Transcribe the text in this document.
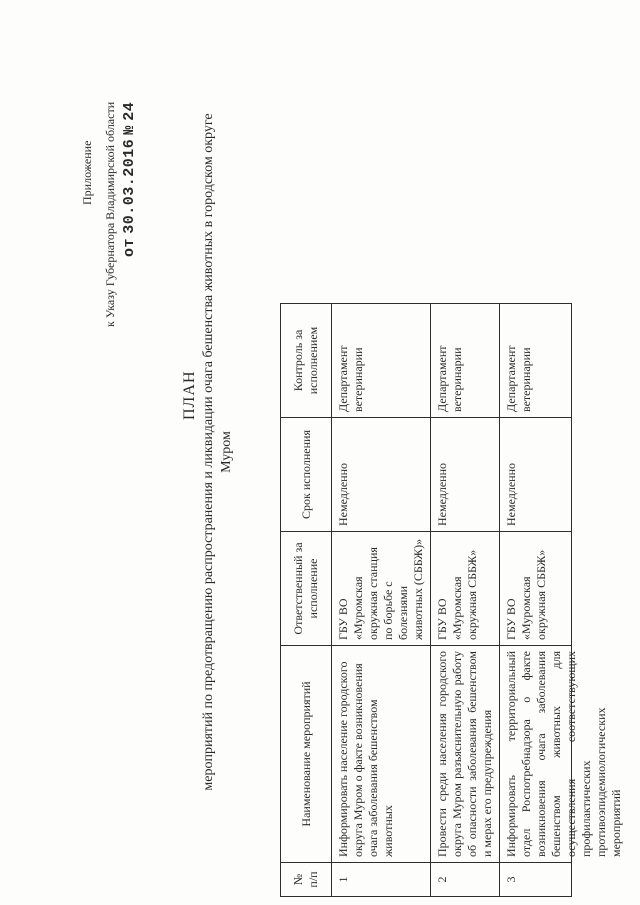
Приложение к Указу Губернатора Владимирской области от 30.03.2016 № 24
ПЛАН мероприятий по предотвращению распространения и ликвидации очага бешенства животных в городском округе Муром
№ п/п	Наименование мероприятий	Ответственный за исполнение	Срок исполнения	Контроль за исполнением
1	Информировать население городского округа Муром о факте возникновения очага заболевания бешенством животных	ГБУ ВО «Муромская окружная станция по борьбе с болезнями животных (СББЖ)»	Немедленно	Департамент ветеринарии
2	Провести среди населения городского округа Муром разъяснительную работу об опасности заболевания бешенством и мерах его предупреждения	ГБУ ВО «Муромская окружная СББЖ»	Немедленно	Департамент ветеринарии
3	Информировать территориальный отдел Роспотребнадзора о факте возникновения очага заболевания бешенством животных для осуществления соответствующих профилактических противоэпидемиологических мероприятий	ГБУ ВО «Муромская окружная СББЖ»	Немедленно	Департамент ветеринарии
